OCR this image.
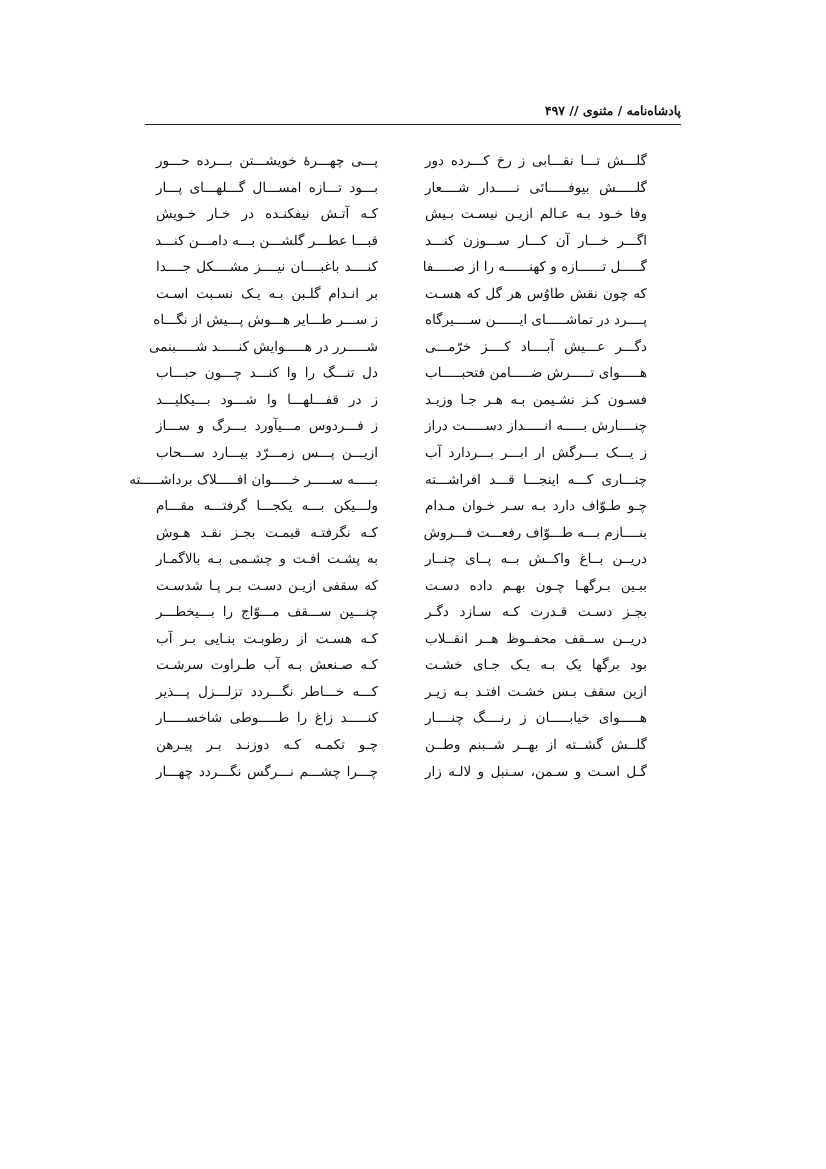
پادشاه‌نامه / مثنوی // ۴۹۷
گلـــش تـــا نقـــابی ز رخ کـــرده دور
گلـــــش بیوفـــــائی نـــــدار شــــعار
وفا خـود بـه عـالم ازیـن نیسـت بـیش
اگـــر خـــار آن کـــار ســـوزن کنـــد
گـــــل تــــــازه و کهنــــــه را از صـــــفا
که چون نقش طاوُس هر گل که هسـت
پــــرد در تماشـــــای ایــــــن ســــیرگاه
دگـــر عـــیش آبــــاد کــــز خرّمـــی
هـــــوای تـــــرش ضـــــامن فتحبـــــاب
فسـون کـز نشـیمن بـه هـر جـا وزیـد
چنــــارش بـــــه انـــــداز دســـــت دراز
ز یـــک بـــرگش ار ابـــر بـــردارد آب
چنـــاری کـــه اینجـــا قـــد افراشـــته
چـو طـوّاف دارد بـه سـر خـوان مـدام
بنــــازم بـــه طـــوّاف رفعـــت فـــروش
دریــن بــاغ واکــش بــه پــای چنــار
ببـین بـرگهـا چـون بهـم داده دسـت
بجـز دسـت قـدرت کـه سـازد دگـر
دریــن ســقف محفــوظ هــر انقــلاب
بود برگها یک بـه یـک جـای خشـت
ازین سقف بـس خشـت افتـد بـه زیـر
هـــــوای خیابـــــان ز رنــــگ چنــــار
گلــش گشــته از بهــر شــبنم وطــن
گـل اسـت و سـمن، سـنبل و لالـه زار
پـــی چهـــرۀ خویشـــتن بـــرده حـــور
بـــود تـــازه امســـال گـــلهـــای پـــار
کـه آتـش نیفکنـده در خـار خـویش
قبـــا عطـــر گلشـــن بـــه دامـــن کنـــد
کنــــد باغبــــان نیــــز مشــــکل جــــدا
بر انـدام گلـبن بـه یـک نسـبت اسـت
ز ســـر طـــایر هـــوش پـــیش از نگـــاه
شـــــرر در هـــــوایش کنـــــد شـــــبنمی
دل تنـــگ را وا کنـــد چـــون حبـــاب
ز در قفـــلهـــا وا شـــود بـــیکلیـــد
ز فـــردوس مـــیآورد بـــرگ و ســـاز
ازیـــن پـــس زمـــرّد بیـــارد ســـحاب
بـــــه ســـــر خـــــوان افـــــلاک برداشـــــته
ولـــیکن بـــه یکجـــا گرفتـــه مقـــام
کـه نگرفتـه قیمـت بجـز نقـد هـوش
به پشـت افـت و چشـمی بـه بالاگمـار
که سقفی ازیـن دسـت بـر پـا شدسـت
چنـــین ســـقف مـــوّاج را بـــیخطـــر
کـه هسـت از رطوبـت بنـایی بـر آب
کـه صـنعش بـه آب طـراوت سرشـت
کـــه خـــاطر نگـــردد تزلـــزل پـــذیر
کنـــــد زاغ را طـــــوطی شاخســـــار
چـو تکمـه کـه دوزنـد بـر پیـرهن
چـــرا چشـــم نـــرگس نگـــردد چهـــار
